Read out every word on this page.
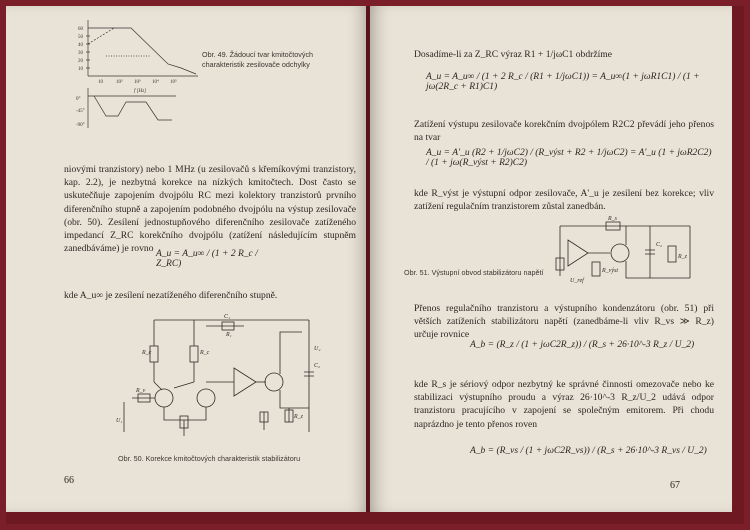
60
50
40
30
20
10
10	10² 10³ 10⁴ 10⁵
f [Hz]
0°
-45°
-90°
Obr. 49. Žádoucí tvar kmitočtových charakteristik zesilovače odchylky
niovými tranzistory) nebo 1 MHz (u zesilovačů s křemíkovými tranzistory, kap. 2.2), je nezbytná korekce na nízkých kmitočtech. Dost často se uskutečňuje zapojením dvojpólu RC mezi kolektory tranzistorů prvního diferenčního stupně a zapojením podobného dvojpólu na výstup zesilovače (obr. 50). Zesílení jednostupňového diferenčního zesilovače zatíženého impedancí Z_RC korekčního dvojpólu (zatížení následujícím stupněm zanedbáváme) je rovno A_u = A_u∞ / (1 + 2 R_c / Z_RC)
kde A_u∞ je zesílení nezatíženého diferenčního stupně.
C₁
R₁
R_c	R_c
R_v
C₂
U₂
U₁
R_z
Obr. 50. Korekce kmitočtových charakteristik stabilizátoru
66
Dosadíme-li za Z_RC výraz R1 + 1/jωC1 obdržíme
A_u = A_u∞ / (1 + 2 R_c / (R1 + 1/jωC1)) = A_u∞(1 + jωR1C1) / (1 + jω(2R_c + R1)C1)
Zatížení výstupu zesilovače korekčním dvojpólem R2C2 převádí jeho přenos na tvar
A_u = A'_u (R2 + 1/jωC2) / (R_výst + R2 + 1/jωC2) = A'_u (1 + jωR2C2) / (1 + jω(R_výst + R2)C2)
kde R_výst je výstupní odpor zesilovače, A'_u je zesílení bez korekce; vliv zatížení regulačním tranzistorem zůstal zanedbán.
R_s
U_ref
R_výst
C₂
R_z
Obr. 51. Výstupní obvod stabilizátoru napětí
Přenos regulačního tranzistoru a výstupního kondenzátoru (obr. 51) při větších zatíženích stabilizátoru napětí (zanedbáme-li vliv R_vs ≫ R_z) určuje rovnice
A_b = (R_z / (1 + jωC2R_z)) / (R_s + 26·10^-3 R_z / U_2)
kde R_s je sériový odpor nezbytný ke správné činnosti omezovače nebo ke stabilizaci výstupního proudu a výraz 26·10^-3 R_z/U_2 udává odpor tranzistoru pracujícího v zapojení se společným emitorem. Při chodu naprázdno je tento přenos roven
A_b = (R_vs / (1 + jωC2R_vs)) / (R_s + 26·10^-3 R_vs / U_2)
67
